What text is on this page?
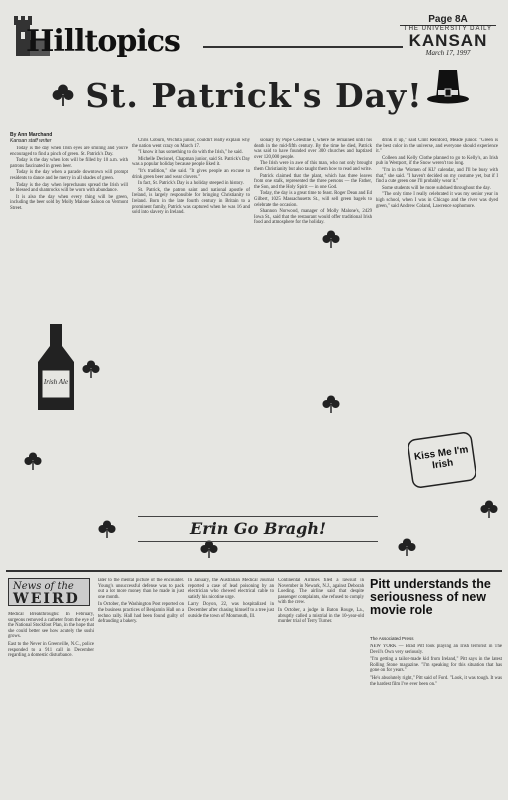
Hilltopics
Page 8A
THE UNIVERSITY DAILY
KANSAN
March 17, 1997
St. Patrick's Day!
By Ann Marchand
Kansan staff writer

Today is the day when Irish eyes are smiling and you're encouraged to find a pinch of green. St. Patrick's Day.

Today is the day when lots will be filled by 10 a.m. with patrons fascinated in green beer.

Today is the day when a parade downtown will prompt residents to dance and be merry in all shades of green.

Today is the day when leprechauns spread the Irish will be blessed and shamrocks will be worn with abundance.

It is also the day when every thing will be green, including the beer sold by Molly Malone Saloon on Vermont Street.

Chris Coburn, Wichita junior, couldn't really explain why the nation went crazy on March 17.

"I know it has something to do with the Irish," he said.

Michelle Decisnel, Chapman junior, said St. Patrick's Day was a popular holiday because people liked it.

"It's tradition," she said. "It gives people an excuse to drink green beer and wear clovers."

In fact, St. Patrick's Day is a holiday steeped in history.

St. Patrick, the patron saint and national apostle of Ireland, is largely responsible for bringing Christianity to Ireland. Born in the late fourth century in Britain to a prominent family, Patrick was captured when he was 16 and sold into slavery in Ireland.

sionary by Pope Celestine I, where he remained until his death in the mid-fifth century. By the time he died, Patrick was said to have founded over 300 churches and baptized over 120,000 people.

The Irish were in awe of this man, who not only brought them Christianity but also taught them how to read and write.

Patrick claimed that the plant, which has three leaves from one stalk, represented the three persons — the Father, the Son, and the Holy Spirit — in one God.

Today, the day is a great time to feast. Roger Dean and Ed Gilbert, 1025 Massachusetts St., will sell green bagels to celebrate the occasion.

Shannon Norwood, manager of Molly Malone's, 2429 Iowa St., said that the restaurant would offer traditional Irish food and atmosphere for the holiday.

drink it up," said Clint Reinford, Meade junior. "Green is the best color in the universe, and everyone should experience it."

Colleen and Kelly Clothe planned to go to Kelly's, an Irish pub in Westport, if the Snow weren't too long.

"I'm in the 'Women of KU' calendar, and I'll be busy with that," she said. "I haven't decided on my costume yet, but if I find a cute green one I'll probably wear it."

Some students will be more subdued throughout the day.

"The only time I really celebrated it was my senior year in high school, when I was in Chicago and the river was dyed green," said Andrew Coland, Lawrence sophomore.

Irish Ale
Erin Go Bragh!
Kiss Me I'm Irish
News of the
WEIRD

Medical Breakthroughs: In February, surgeons removed a catheter from the eye of the National Stockfoot Plan, in the hope that she could better see how acutely the sushi grows.

East to the Never in Greenville, N.C., police responded to a 911 call in December regarding a domestic disturbance.

later to the mental picture of the encounter. Young's unsuccessful defense was to pack out a lot more money than he made in just one month.

In October, the Washington Post reported on the business practices of Benjamin Hall on a techno rally. Hall had been found guilty of defrauding a bakery.

In January, the Australian Medical Journal reported a case of lead poisoning by an electrician who chewed electrical cable to satisfy his nicotine urge.

Larry Doyon, 22, was hospitalized in December after chasing himself to a tree just outside the town of Monmouth, Ill.

Continental Airlines filed a lawsuit in November in Newark, N.J., against Deborah Loeding. The airline said that despite passenger complaints, she refused to comply with the crew.

In October, a judge in Baton Rouge, La., abruptly called a mistrial in the 10-year-old murder trial of Terry Turner.

Pitt understands the seriousness of new movie role
The Associated Press

NEW YORK — Brad Pitt took playing an Irish terrorist in The Devil's Own very seriously.

"I'm getting a tailor-made kid from Ireland," Pitt says in the latest Rolling Stone magazine. "I'm speaking for this situation that has gone on for years."

"He's absolutely right," Pitt said of Ford. "Look, it was tough. It was the hardest film I've ever been on."
